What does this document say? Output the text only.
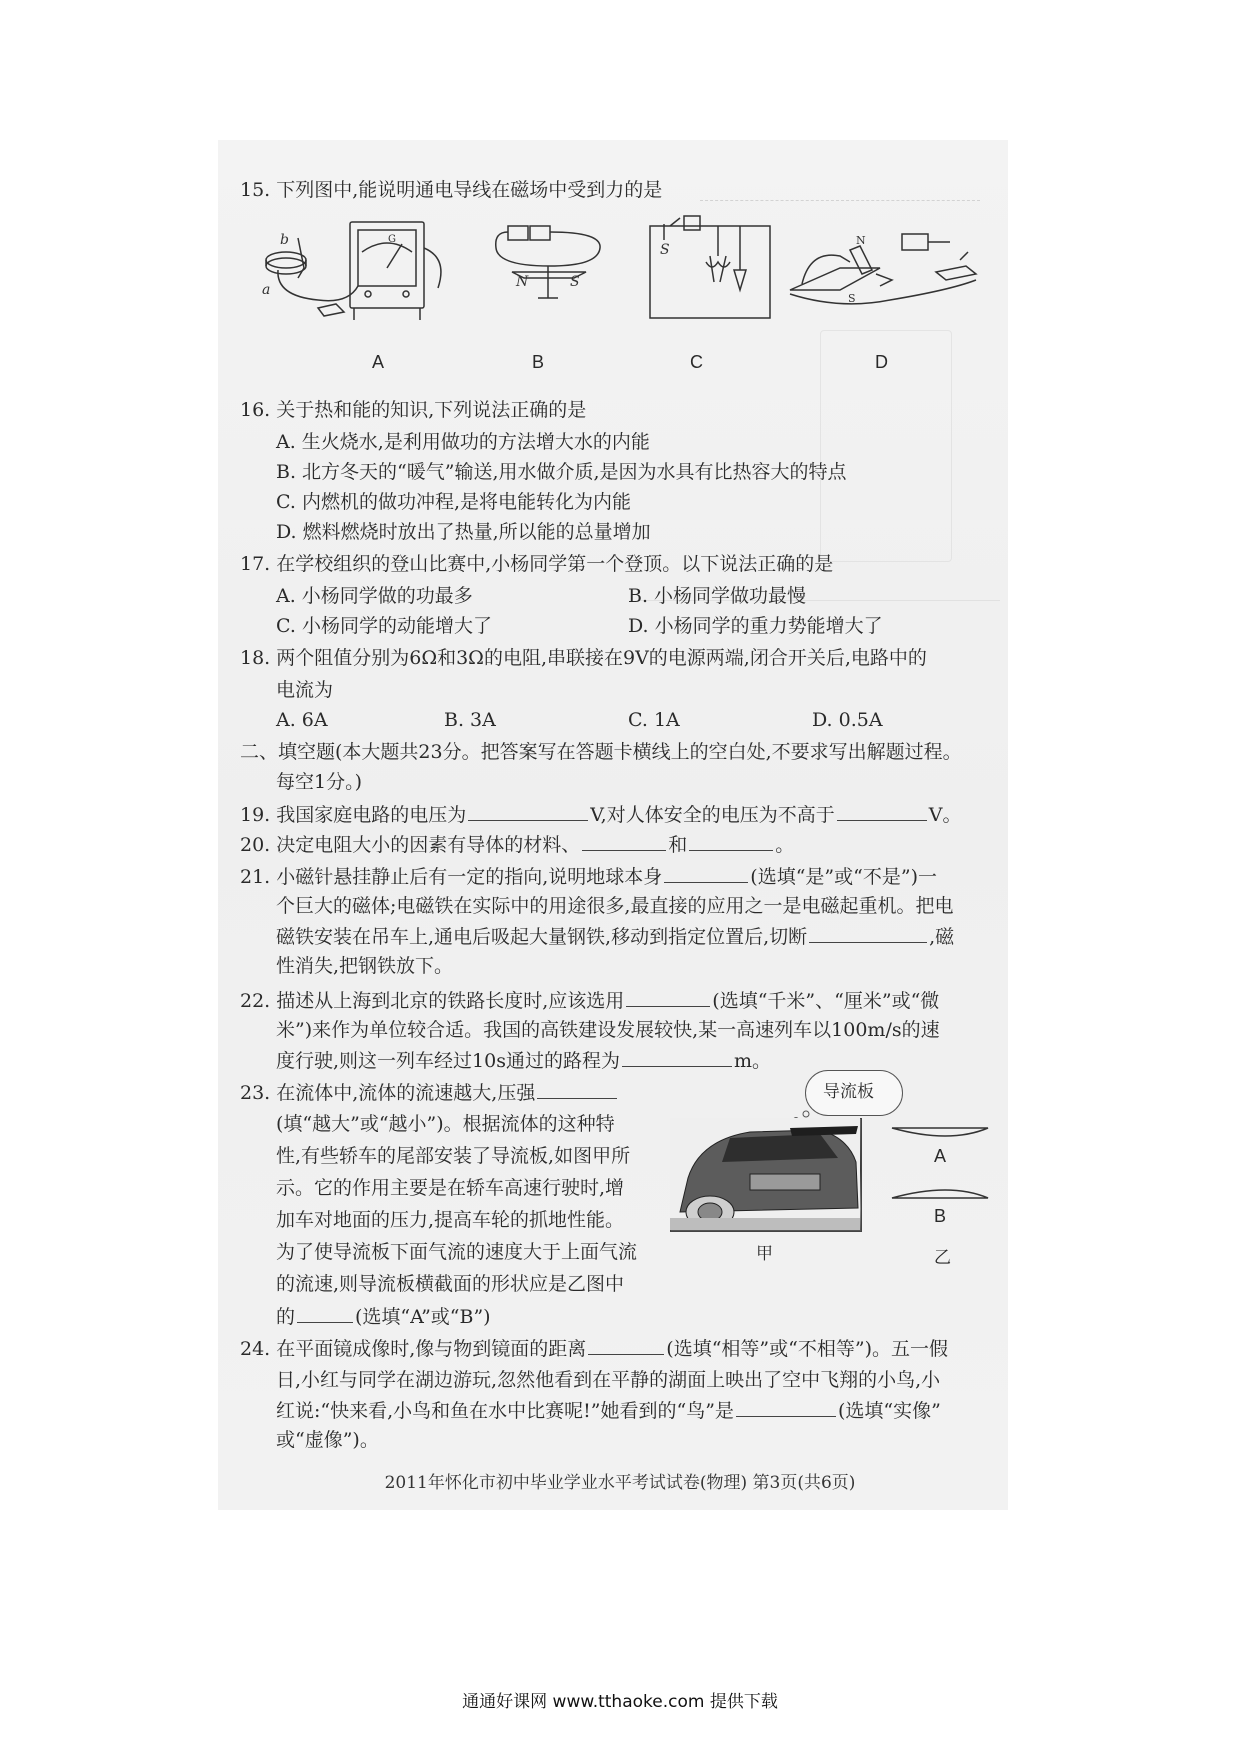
15. 下列图中,能说明通电导线在磁场中受到力的是
b
a
G
N	S
S
N
S
A	B	C	D
16. 关于热和能的知识,下列说法正确的是
A. 生火烧水,是利用做功的方法增大水的内能
B. 北方冬天的“暖气”输送,用水做介质,是因为水具有比热容大的特点
C. 内燃机的做功冲程,是将电能转化为内能
D. 燃料燃烧时放出了热量,所以能的总量增加
17. 在学校组织的登山比赛中,小杨同学第一个登顶。以下说法正确的是
A. 小杨同学做的功最多	B. 小杨同学做功最慢
C. 小杨同学的动能增大了	D. 小杨同学的重力势能增大了
18. 两个阻值分别为6Ω和3Ω的电阻,串联接在9V的电源两端,闭合开关后,电路中的
电流为
A. 6A	B. 3A	C. 1A	D. 0.5A
二、填空题(本大题共23分。把答案写在答题卡横线上的空白处,不要求写出解题过程。
每空1分。)
19. 我国家庭电路的电压为	V,对人体安全的电压为不高于	V。
20. 决定电阻大小的因素有导体的材料、	和	。
21. 小磁针悬挂静止后有一定的指向,说明地球本身	(选填“是”或“不是”)一
个巨大的磁体;电磁铁在实际中的用途很多,最直接的应用之一是电磁起重机。把电
磁铁安装在吊车上,通电后吸起大量钢铁,移动到指定位置后,切断	,磁
性消失,把钢铁放下。
22. 描述从上海到北京的铁路长度时,应该选用	(选填“千米”、“厘米”或“微
米”)来作为单位较合适。我国的高铁建设发展较快,某一高速列车以100m/s的速
度行驶,则这一列车经过10s通过的路程为	m。
23. 在流体中,流体的流速越大,压强
(填“越大”或“越小”)。根据流体的这种特
性,有些轿车的尾部安装了导流板,如图甲所
示。它的作用主要是在轿车高速行驶时,增
加车对地面的压力,提高车轮的抓地性能。
为了使导流板下面气流的速度大于上面气流
的流速,则导流板横截面的形状应是乙图中
的	(选填“A”或“B”)
导流板
A
B
甲	乙
24. 在平面镜成像时,像与物到镜面的距离	(选填“相等”或“不相等”)。五一假
日,小红与同学在湖边游玩,忽然他看到在平静的湖面上映出了空中飞翔的小鸟,小
红说:“快来看,小鸟和鱼在水中比赛呢!”她看到的“鸟”是	(选填“实像”
或“虚像”)。
2011年怀化市初中毕业学业水平考试试卷(物理) 第3页(共6页)
通通好课网 www.tthaoke.com 提供下载
